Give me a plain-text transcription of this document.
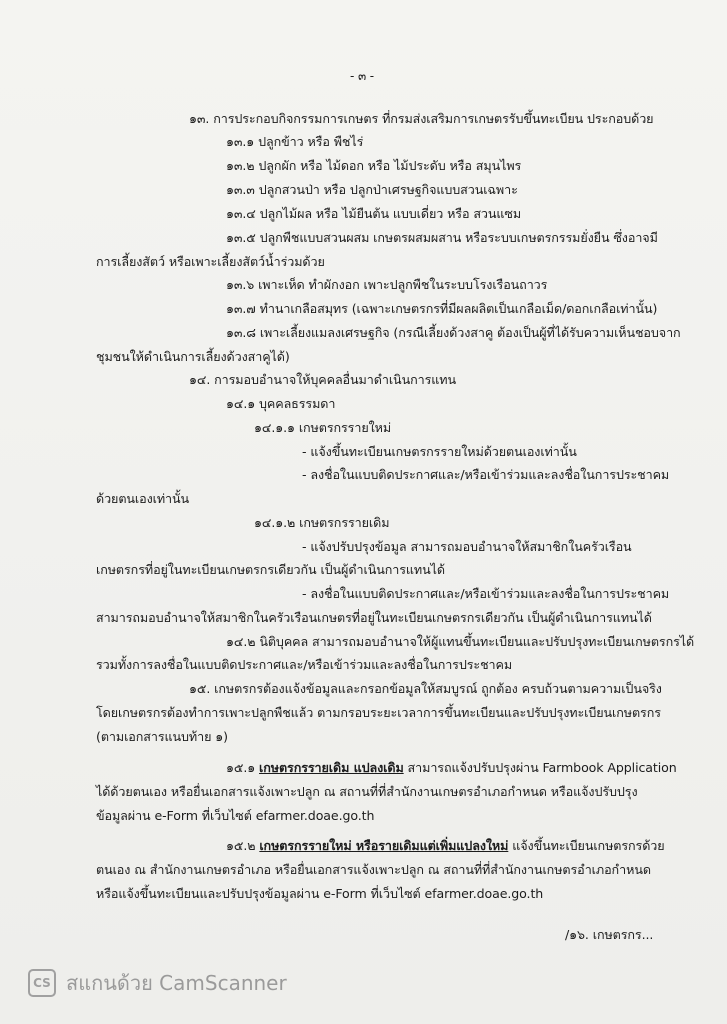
- ๓ -
๑๓. การประกอบกิจกรรมการเกษตร ที่กรมส่งเสริมการเกษตรรับขึ้นทะเบียน ประกอบด้วย
๑๓.๑ ปลูกข้าว หรือ พืชไร่
๑๓.๒ ปลูกผัก หรือ ไม้ดอก หรือ ไม้ประดับ หรือ สมุนไพร
๑๓.๓ ปลูกสวนป่า หรือ ปลูกป่าเศรษฐกิจแบบสวนเฉพาะ
๑๓.๔ ปลูกไม้ผล หรือ ไม้ยืนต้น แบบเดี่ยว หรือ สวนแซม
๑๓.๕ ปลูกพืชแบบสวนผสม เกษตรผสมผสาน หรือระบบเกษตรกรรมยั่งยืน ซึ่งอาจมี
การเลี้ยงสัตว์ หรือเพาะเลี้ยงสัตว์น้ำร่วมด้วย
๑๓.๖ เพาะเห็ด ทำผักงอก เพาะปลูกพืชในระบบโรงเรือนถาวร
๑๓.๗ ทำนาเกลือสมุทร (เฉพาะเกษตรกรที่มีผลผลิตเป็นเกลือเม็ด/ดอกเกลือเท่านั้น)
๑๓.๘ เพาะเลี้ยงแมลงเศรษฐกิจ (กรณีเลี้ยงด้วงสาคู ต้องเป็นผู้ที่ได้รับความเห็นชอบจาก
ชุมชนให้ดำเนินการเลี้ยงด้วงสาคูได้)
๑๔. การมอบอำนาจให้บุคคลอื่นมาดำเนินการแทน
๑๔.๑ บุคคลธรรมดา
๑๔.๑.๑ เกษตรกรรายใหม่
- แจ้งขึ้นทะเบียนเกษตรกรรายใหม่ด้วยตนเองเท่านั้น
- ลงชื่อในแบบติดประกาศและ/หรือเข้าร่วมและลงชื่อในการประชาคม
ด้วยตนเองเท่านั้น
๑๔.๑.๒ เกษตรกรรายเดิม
- แจ้งปรับปรุงข้อมูล สามารถมอบอำนาจให้สมาชิกในครัวเรือน
เกษตรกรที่อยู่ในทะเบียนเกษตรกรเดียวกัน เป็นผู้ดำเนินการแทนได้
- ลงชื่อในแบบติดประกาศและ/หรือเข้าร่วมและลงชื่อในการประชาคม
สามารถมอบอำนาจให้สมาชิกในครัวเรือนเกษตรที่อยู่ในทะเบียนเกษตรกรเดียวกัน เป็นผู้ดำเนินการแทนได้
๑๔.๒ นิติบุคคล สามารถมอบอำนาจให้ผู้แทนขึ้นทะเบียนและปรับปรุงทะเบียนเกษตรกรได้
รวมทั้งการลงชื่อในแบบติดประกาศและ/หรือเข้าร่วมและลงชื่อในการประชาคม
๑๕. เกษตรกรต้องแจ้งข้อมูลและกรอกข้อมูลให้สมบูรณ์ ถูกต้อง ครบถ้วนตามความเป็นจริง
โดยเกษตรกรต้องทำการเพาะปลูกพืชแล้ว ตามกรอบระยะเวลาการขึ้นทะเบียนและปรับปรุงทะเบียนเกษตรกร
(ตามเอกสารแนบท้าย ๑)
๑๕.๑ เกษตรกรรายเดิม แปลงเดิม สามารถแจ้งปรับปรุงผ่าน Farmbook Application
ได้ด้วยตนเอง หรือยื่นเอกสารแจ้งเพาะปลูก ณ สถานที่ที่สำนักงานเกษตรอำเภอกำหนด หรือแจ้งปรับปรุง
ข้อมูลผ่าน e-Form ที่เว็บไซต์ efarmer.doae.go.th
๑๕.๒ เกษตรกรรายใหม่ หรือรายเดิมแต่เพิ่มแปลงใหม่ แจ้งขึ้นทะเบียนเกษตรกรด้วย
ตนเอง ณ สำนักงานเกษตรอำเภอ หรือยื่นเอกสารแจ้งเพาะปลูก ณ สถานที่ที่สำนักงานเกษตรอำเภอกำหนด
หรือแจ้งขึ้นทะเบียนและปรับปรุงข้อมูลผ่าน e-Form ที่เว็บไซต์ efarmer.doae.go.th
/๑๖. เกษตรกร...
CS สแกนด้วย CamScanner
